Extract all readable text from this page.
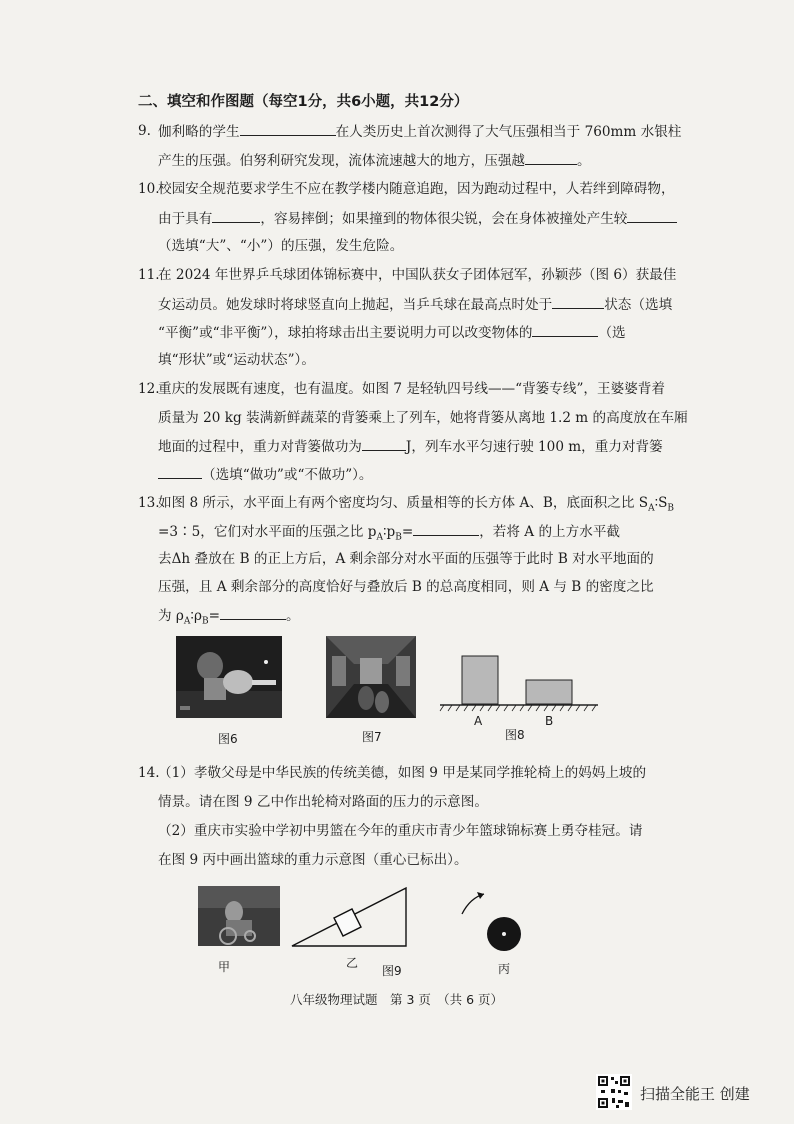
二、填空和作图题（每空1分，共6小题，共12分）
9. 伽利略的学生	在人类历史上首次测得了大气压强相当于 760mm 水银柱
产生的压强。伯努利研究发现，流体流速越大的地方，压强越	。
10.
校园安全规范要求学生不应在教学楼内随意追跑，因为跑动过程中，人若绊到障碍物，
由于具有	，容易摔倒；如果撞到的物体很尖锐，会在身体被撞处产生较
（选填“大”、“小”）的压强，发生危险。
11.
在 2024 年世界乒乓球团体锦标赛中，中国队获女子团体冠军，孙颖莎（图 6）获最佳
女运动员。她发球时将球竖直向上抛起，当乒乓球在最高点时处于	状态（选填
“平衡”或“非平衡”），球拍将球击出主要说明力可以改变物体的	（选
填“形状”或“运动状态”）。
12.
重庆的发展既有速度，也有温度。如图 7 是轻轨四号线——“背篓专线”，王婆婆背着
质量为 20 kg 装满新鲜蔬菜的背篓乘上了列车，她将背篓从离地 1.2 m 的高度放在车厢
地面的过程中，重力对背篓做功为	J，列车水平匀速行驶 100 m，重力对背篓
（选填“做功”或“不做功”）。
13.
如图 8 所示，水平面上有两个密度均匀、质量相等的长方体 A、B，底面积之比 $S_A∶S_B$
=3∶5，它们对水平面的压强之比 $p_A∶p_B=$	，若将 A 的上方水平截
去Δh 叠放在 B 的正上方后，A 剩余部分对水平面的压强等于此时 B 对水平地面的
压强，且 A 剩余部分的高度恰好与叠放后 B 的总高度相同，则 A 与 B 的密度之比
为 $\rho_A∶\rho_B=$	。
图6	图7
A	B
图8
14.
（1）孝敬父母是中华民族的传统美德，如图 9 甲是某同学推轮椅上的妈妈上坡的
情景。请在图 9 乙中作出轮椅对路面的压力的示意图。
（2）重庆市实验中学初中男篮在今年的重庆市青少年篮球锦标赛上勇夺桂冠。请
在图 9 丙中画出篮球的重力示意图（重心已标出）。
甲	乙
图9	丙
八年级物理试题　第 3 页　（共 6 页）
扫描全能王 创建
